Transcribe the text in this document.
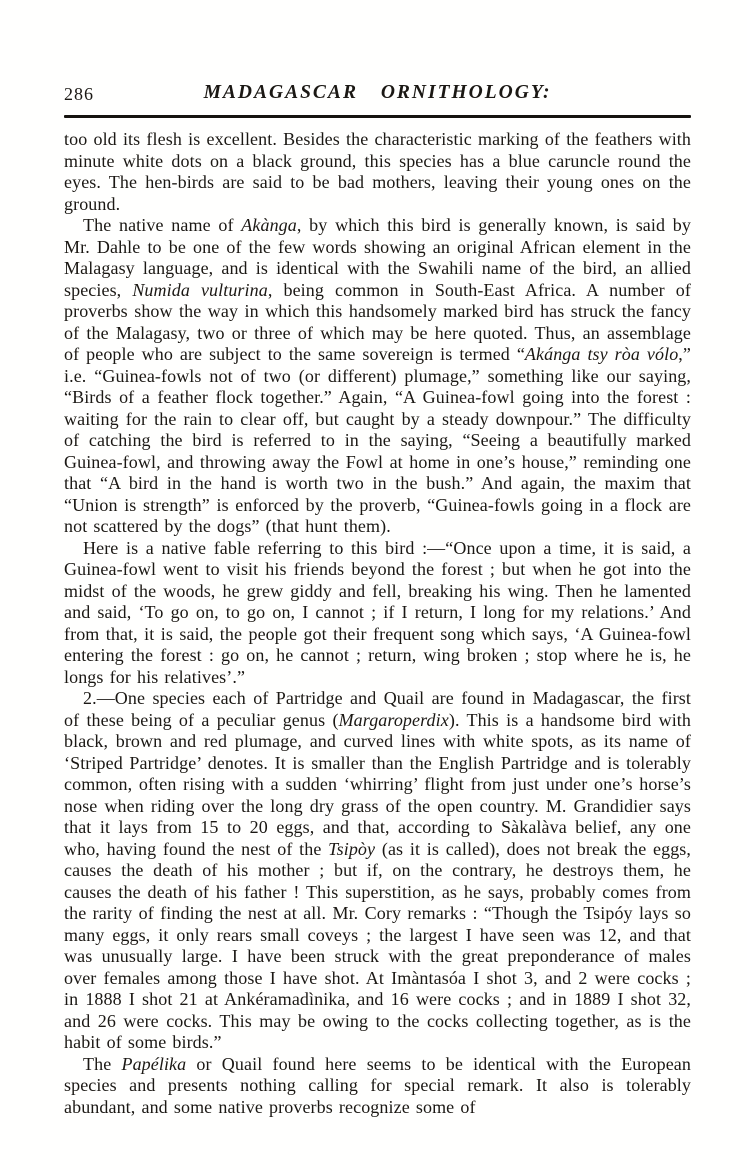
286	MADAGASCAR ORNITHOLOGY:

too old its flesh is excellent. Besides the characteristic marking of the feathers with minute white dots on a black ground, this species has a blue caruncle round the eyes. The hen-birds are said to be bad mothers, leaving their young ones on the ground.

The native name of Akànga, by which this bird is generally known, is said by Mr. Dahle to be one of the few words showing an original African element in the Malagasy language, and is identical with the Swahili name of the bird, an allied species, Numida vulturina, being common in South-East Africa. A number of proverbs show the way in which this handsomely marked bird has struck the fancy of the Malagasy, two or three of which may be here quoted. Thus, an assemblage of people who are subject to the same sovereign is termed “Akánga tsy ròa vólo,” i.e. “Guinea-fowls not of two (or different) plumage,” something like our saying, “Birds of a feather flock together.” Again, “A Guinea-fowl going into the forest : waiting for the rain to clear off, but caught by a steady downpour.” The difficulty of catching the bird is referred to in the saying, “Seeing a beautifully marked Guinea-fowl, and throwing away the Fowl at home in one’s house,” reminding one that “A bird in the hand is worth two in the bush.” And again, the maxim that “Union is strength” is enforced by the proverb, “Guinea-fowls going in a flock are not scattered by the dogs” (that hunt them).

Here is a native fable referring to this bird :—“Once upon a time, it is said, a Guinea-fowl went to visit his friends beyond the forest ; but when he got into the midst of the woods, he grew giddy and fell, breaking his wing. Then he lamented and said, ‘To go on, to go on, I cannot ; if I return, I long for my relations.’ And from that, it is said, the people got their frequent song which says, ‘A Guinea-fowl entering the forest : go on, he cannot ; return, wing broken ; stop where he is, he longs for his relatives’.”

2.—One species each of Partridge and Quail are found in Madagascar, the first of these being of a peculiar genus (Margaroperdix). This is a handsome bird with black, brown and red plumage, and curved lines with white spots, as its name of ‘Striped Partridge’ denotes. It is smaller than the English Partridge and is tolerably common, often rising with a sudden ‘whirring’ flight from just under one’s horse’s nose when riding over the long dry grass of the open country. M. Grandidier says that it lays from 15 to 20 eggs, and that, according to Sàkalàva belief, any one who, having found the nest of the Tsipòy (as it is called), does not break the eggs, causes the death of his mother ; but if, on the contrary, he destroys them, he causes the death of his father ! This superstition, as he says, probably comes from the rarity of finding the nest at all. Mr. Cory remarks : “Though the Tsipóy lays so many eggs, it only rears small coveys ; the largest I have seen was 12, and that was unusually large. I have been struck with the great preponderance of males over females among those I have shot. At Imàntasóa I shot 3, and 2 were cocks ; in 1888 I shot 21 at Ankéramadìnika, and 16 were cocks ; and in 1889 I shot 32, and 26 were cocks. This may be owing to the cocks collecting together, as is the habit of some birds.”

The Papélika or Quail found here seems to be identical with the European species and presents nothing calling for special remark. It also is tolerably abundant, and some native proverbs recognize some of
